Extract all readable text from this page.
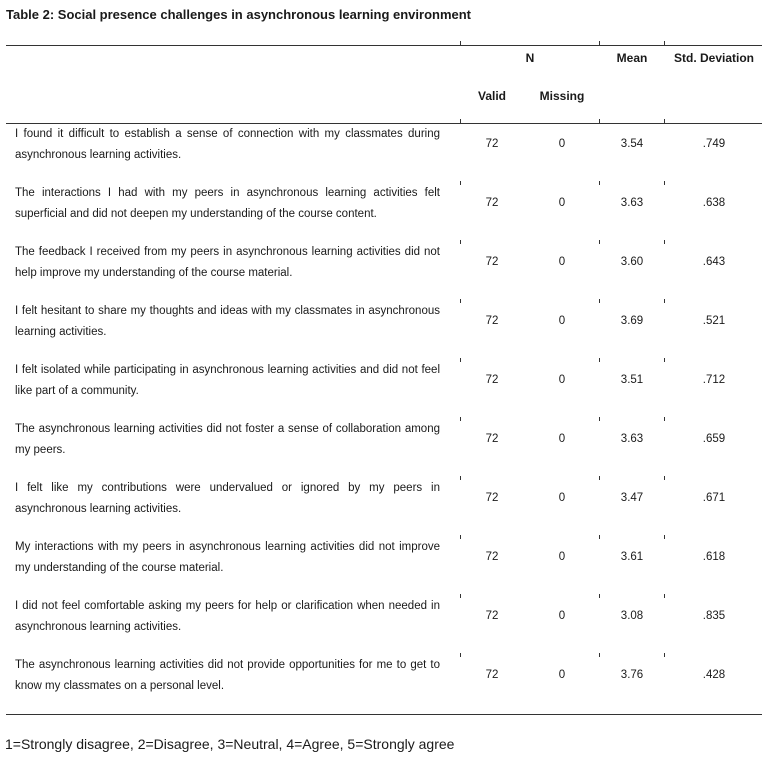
Table 2: Social presence challenges in asynchronous learning environment
N	Mean	Std. Deviation
Valid	Missing
I found it difficult to establish a sense of connection with my classmates during asynchronous learning activities.
72	0	3.54	.749
The interactions I had with my peers in asynchronous learning activities felt superficial and did not deepen my understanding of the course content.
72	0	3.63	.638
The feedback I received from my peers in asynchronous learning activities did not help improve my understanding of the course material.
72	0	3.60	.643
I felt hesitant to share my thoughts and ideas with my classmates in asynchronous learning activities.
72	0	3.69	.521
I felt isolated while participating in asynchronous learning activities and did not feel like part of a community.
72	0	3.51	.712
The asynchronous learning activities did not foster a sense of collaboration among my peers.
72	0	3.63	.659
I felt like my contributions were undervalued or ignored by my peers in asynchronous learning activities.
72	0	3.47	.671
My interactions with my peers in asynchronous learning activities did not improve my understanding of the course material.
72	0	3.61	.618
I did not feel comfortable asking my peers for help or clarification when needed in asynchronous learning activities.
72	0	3.08	.835
The asynchronous learning activities did not provide opportunities for me to get to know my classmates on a personal level.
72	0	3.76	.428
1=Strongly disagree, 2=Disagree, 3=Neutral, 4=Agree, 5=Strongly agree
